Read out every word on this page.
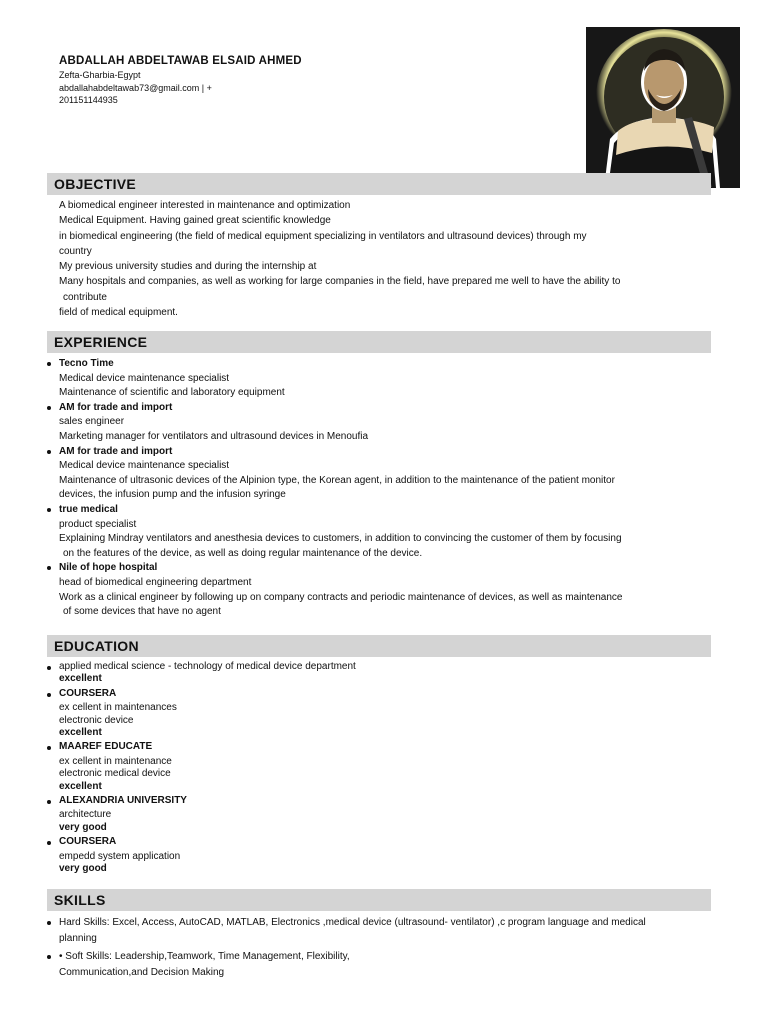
ABDALLAH ABDELTAWAB ELSAID AHMED
Zefta-Gharbia-Egypt
abdallahabdeltawab73@gmail.com | +
201151144935
OBJECTIVE
A biomedical engineer interested in maintenance and optimization
Medical Equipment. Having gained great scientific knowledge
in biomedical engineering (the field of medical equipment specializing in ventilators and ultrasound devices) through my
country
My previous university studies and during the internship at
Many hospitals and companies, as well as working for large companies in the field, have prepared me well to have the ability to
contribute
field of medical equipment.
EXPERIENCE
Tecno Time
Medical device maintenance specialist
Maintenance of scientific and laboratory equipment
AM for trade and import
sales engineer
Marketing manager for ventilators and ultrasound devices in Menoufia
AM for trade and import
Medical device maintenance specialist
Maintenance of ultrasonic devices of the Alpinion type, the Korean agent, in addition to the maintenance of the patient monitor
devices, the infusion pump and the infusion syringe
true medical
product specialist
Explaining Mindray ventilators and anesthesia devices to customers, in addition to convincing the customer of them by focusing
on the features of the device, as well as doing regular maintenance of the device.
Nile of hope hospital
head of biomedical engineering department
Work as a clinical engineer by following up on company contracts and periodic maintenance of devices, as well as maintenance
of some devices that have no agent
EDUCATION
applied medical science - technology of medical device department
excellent
COURSERA
ex cellent in maintenances
electronic device
excellent
MAAREF EDUCATE
ex cellent in maintenance
electronic medical device
excellent
ALEXANDRIA UNIVERSITY
architecture
very good
COURSERA
empedd system application
very good
SKILLS
Hard Skills: Excel, Access, AutoCAD, MATLAB, Electronics ,medical device (ultrasound- ventilator) ,c program language and medical
planning
• Soft Skills: Leadership,Teamwork, Time Management, Flexibility,
Communication,and Decision Making
